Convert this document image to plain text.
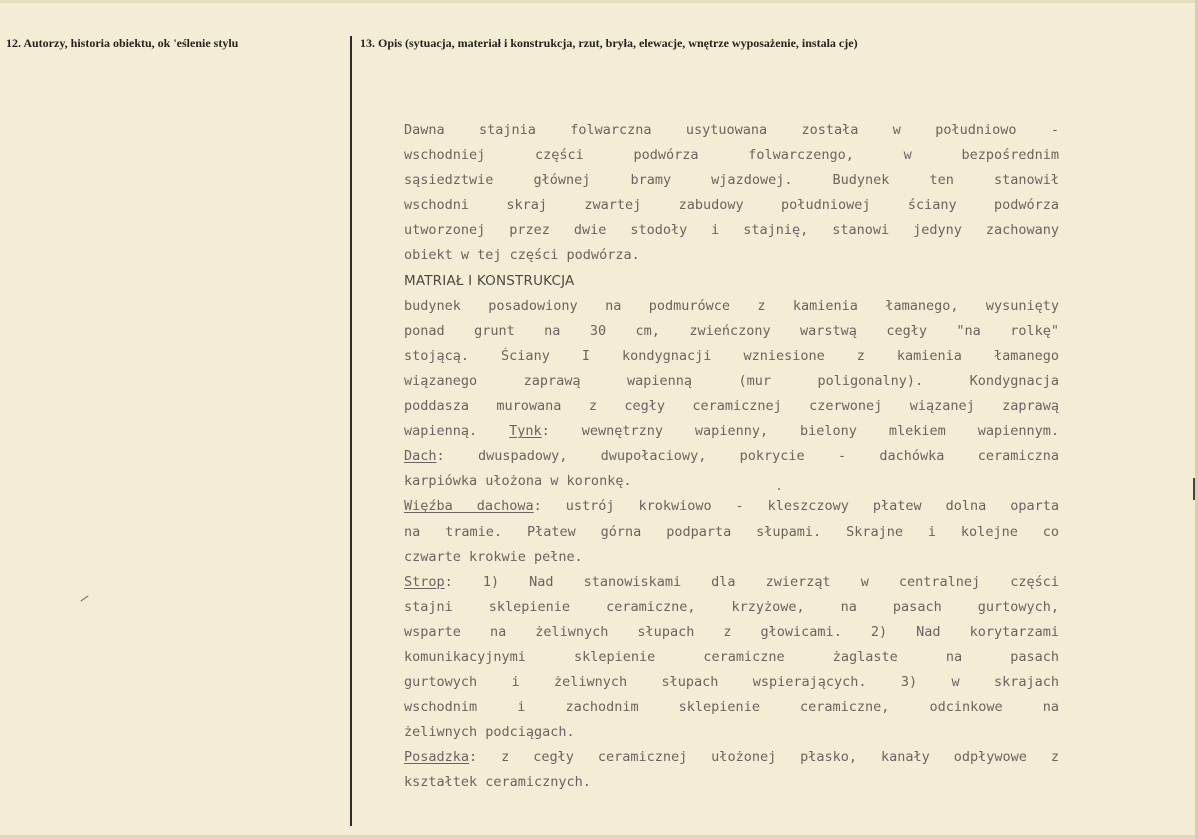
12. Autorzy, historia obiektu, ok 'eślenie stylu	13. Opis (sytuacja, materiał i konstrukcja, rzut, bryła, elewacje, wnętrze wyposażenie, instala cje)
Dawna stajnia folwarczna usytuowana została w południowo -
wschodniej części podwórza folwarczengo, w bezpośrednim
sąsiedztwie głównej bramy wjazdowej. Budynek ten stanowił
wschodni skraj zwartej zabudowy południowej ściany podwórza
utworzonej przez dwie stodoły i stajnię, stanowi jedyny zachowany
obiekt w tej części podwórza.
MATRIAŁ I KONSTRUKCJA
budynek posadowiony na podmurówce z kamienia łamanego, wysunięty
ponad grunt na 30 cm, zwieńczony warstwą cegły "na rolkę"
stojącą. Ściany I kondygnacji wzniesione z kamienia łamanego
wiązanego zaprawą wapienną (mur poligonalny). Kondygnacja
poddasza murowana z cegły ceramicznej czerwonej wiązanej zaprawą
wapienną. Tynk: wewnętrzny wapienny, bielony mlekiem wapiennym.
Dach: dwuspadowy, dwupołaciowy, pokrycie - dachówka ceramiczna
karpiówka ułożona w koronkę.
Więźba dachowa: ustrój krokwiowo - kleszczowy płatew dolna oparta
na tramie. Płatew górna podparta słupami. Skrajne i kolejne co
czwarte krokwie pełne.
Strop: 1) Nad stanowiskami dla zwierząt w centralnej części
stajni sklepienie ceramiczne, krzyżowe, na pasach gurtowych,
wsparte na żeliwnych słupach z głowicami. 2) Nad korytarzami
komunikacyjnymi sklepienie ceramiczne żaglaste na pasach
gurtowych i żeliwnych słupach wspierających. 3) w skrajach
wschodnim i zachodnim sklepienie ceramiczne, odcinkowe na
żeliwnych podciągach.
Posadzka: z cegły ceramicznej ułożonej płasko, kanały odpływowe z
kształtek ceramicznych.
